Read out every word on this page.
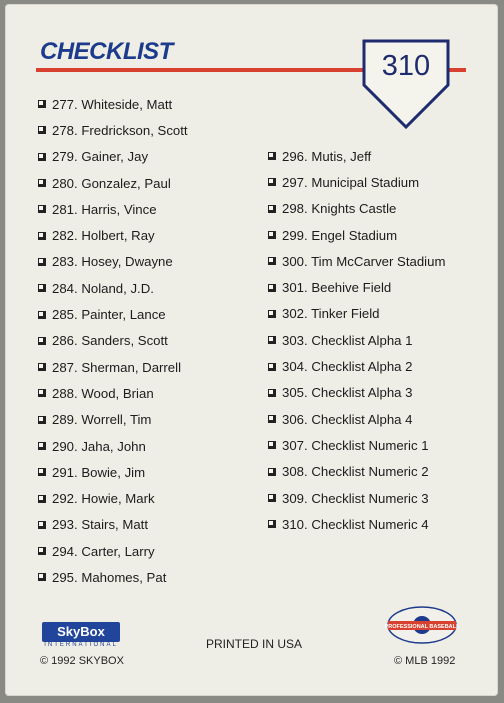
CHECKLIST	310
277. Whiteside, Matt
278. Fredrickson, Scott
279. Gainer, Jay
280. Gonzalez, Paul
281. Harris, Vince
282. Holbert, Ray
283. Hosey, Dwayne
284. Noland, J.D.
285. Painter, Lance
286. Sanders, Scott
287. Sherman, Darrell
288. Wood, Brian
289. Worrell, Tim
290. Jaha, John
291. Bowie, Jim
292. Howie, Mark
293. Stairs, Matt
294. Carter, Larry
295. Mahomes, Pat
296. Mutis, Jeff
297. Municipal Stadium
298. Knights Castle
299. Engel Stadium
300. Tim McCarver Stadium
301. Beehive Field
302. Tinker Field
303. Checklist Alpha 1
304. Checklist Alpha 2
305. Checklist Alpha 3
306. Checklist Alpha 4
307. Checklist Numeric 1
308. Checklist Numeric 2
309. Checklist Numeric 3
310. Checklist Numeric 4
SkyBox
INTERNATIONAL
© 1992 SKYBOX
PRINTED IN USA
© MLB 1992
PROFESSIONAL BASEBALL
